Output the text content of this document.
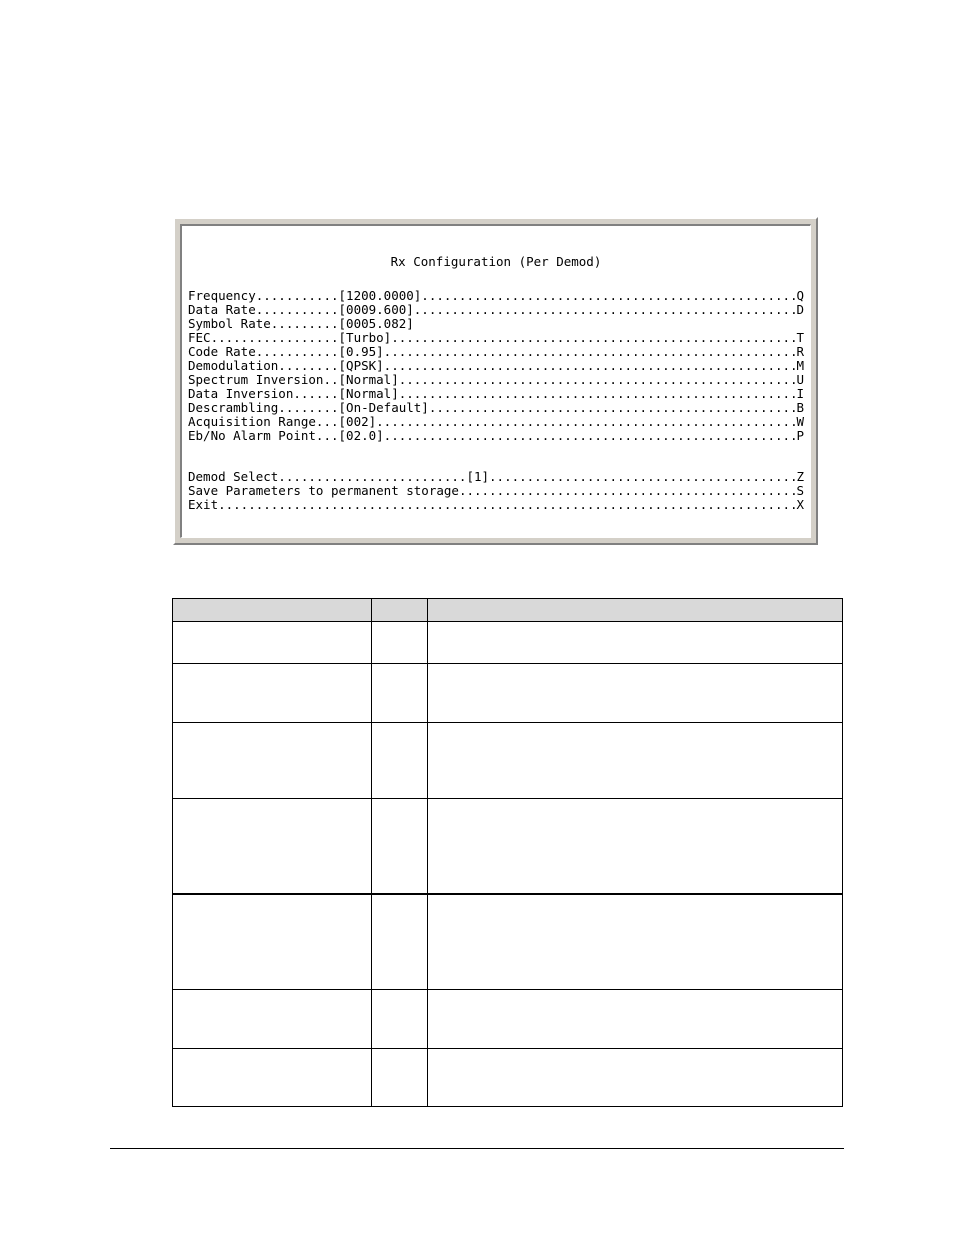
Rx Configuration (Per Demod)
Frequency...........[1200.0000] .....	Q
Data Rate...........[0009.600] .....	D
Symbol Rate.........[0005.082]
FEC.................[Turbo] .....	T
Code Rate...........[0.95] .....	R
Demodulation........[QPSK] .....	M
Spectrum Inversion..[Normal] .....	U
Data Inversion......[Normal] .....	I
Descrambling........[On-Default] .....	B
Acquisition Range...[002] .....	W
Eb/No Alarm Point...[02.0] .....	P
Demod Select.........................[1] .....	Z
Save Parameters to permanent storage .....	S
Exit .....	X
